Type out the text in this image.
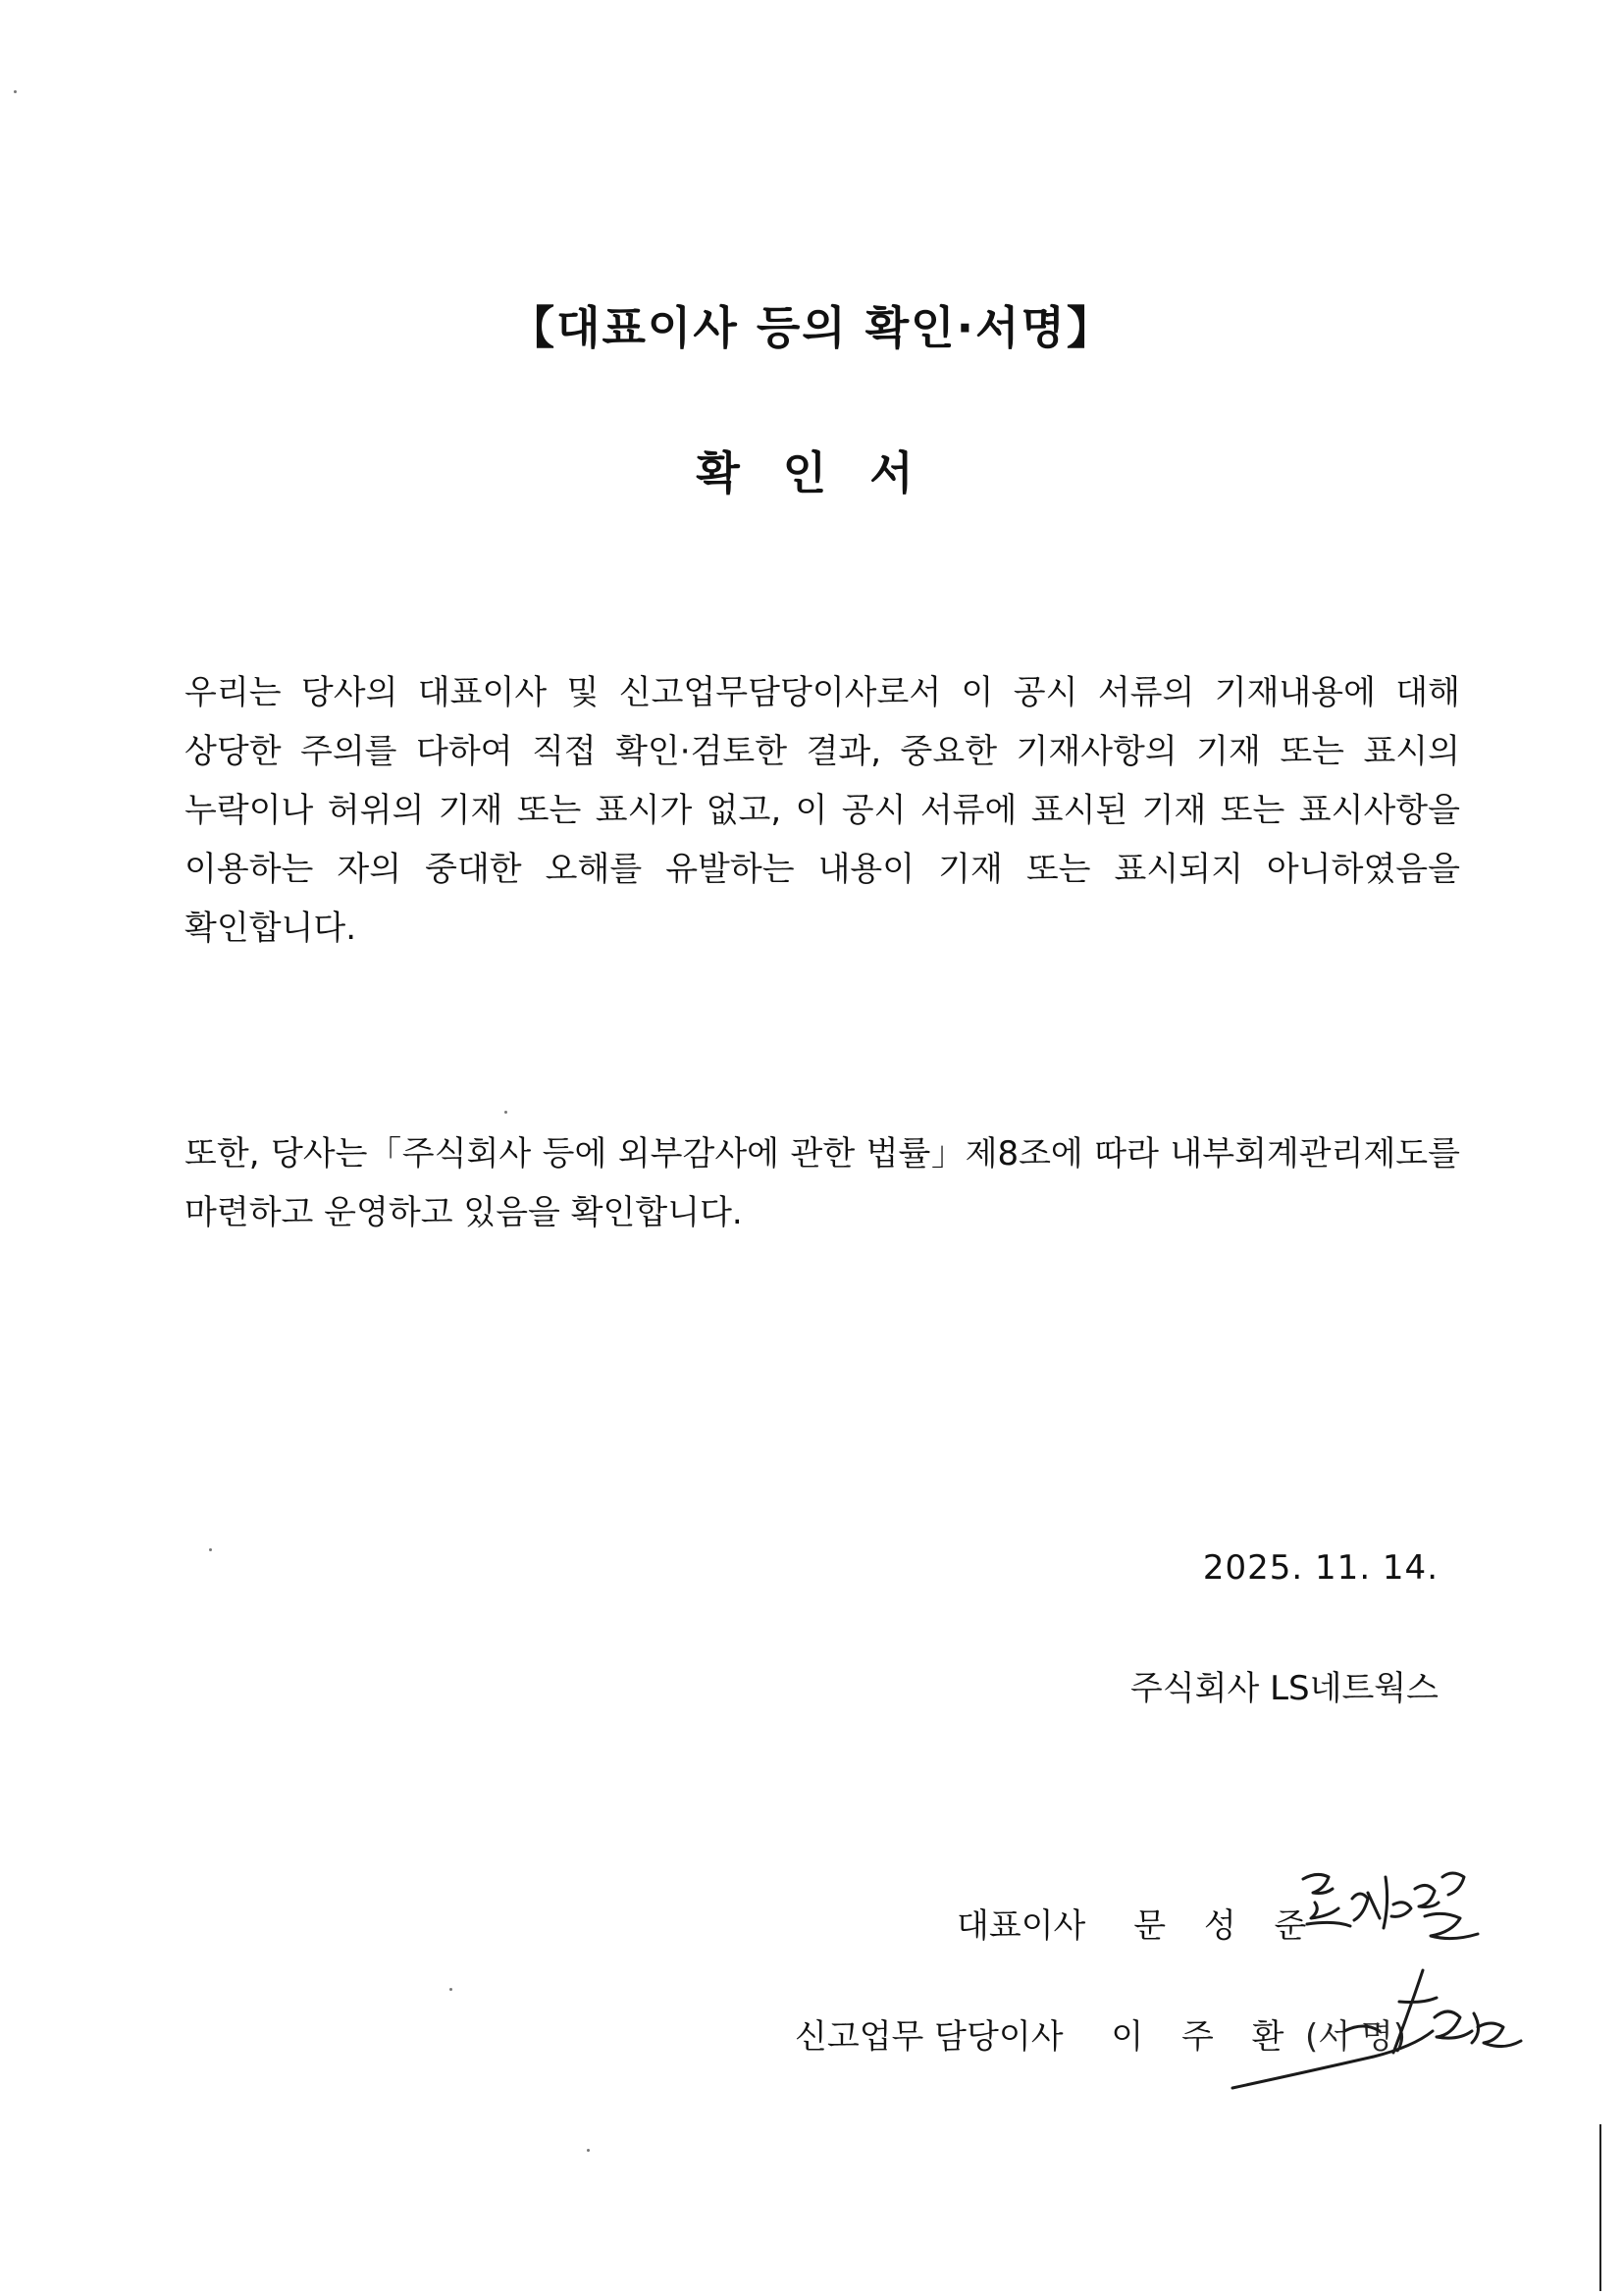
【대표이사 등의 확인·서명】
확 인 서
우리는 당사의 대표이사 및 신고업무담당이사로서 이 공시 서류의 기재내용에 대해 상당한 주의를 다하여 직접 확인·검토한 결과, 중요한 기재사항의 기재 또는 표시의 누락이나 허위의 기재 또는 표시가 없고, 이 공시 서류에 표시된 기재 또는 표시사항을 이용하는 자의 중대한 오해를 유발하는 내용이 기재 또는 표시되지 아니하였음을 확인합니다.
또한, 당사는「주식회사 등에 외부감사에 관한 법률」제8조에 따라 내부회계관리제도를 마련하고 운영하고 있음을 확인합니다.
2025. 11. 14.
주식회사 LS네트웍스
대표이사 문 성 준
신고업무 담당이사 이 주 환 (서 명)
